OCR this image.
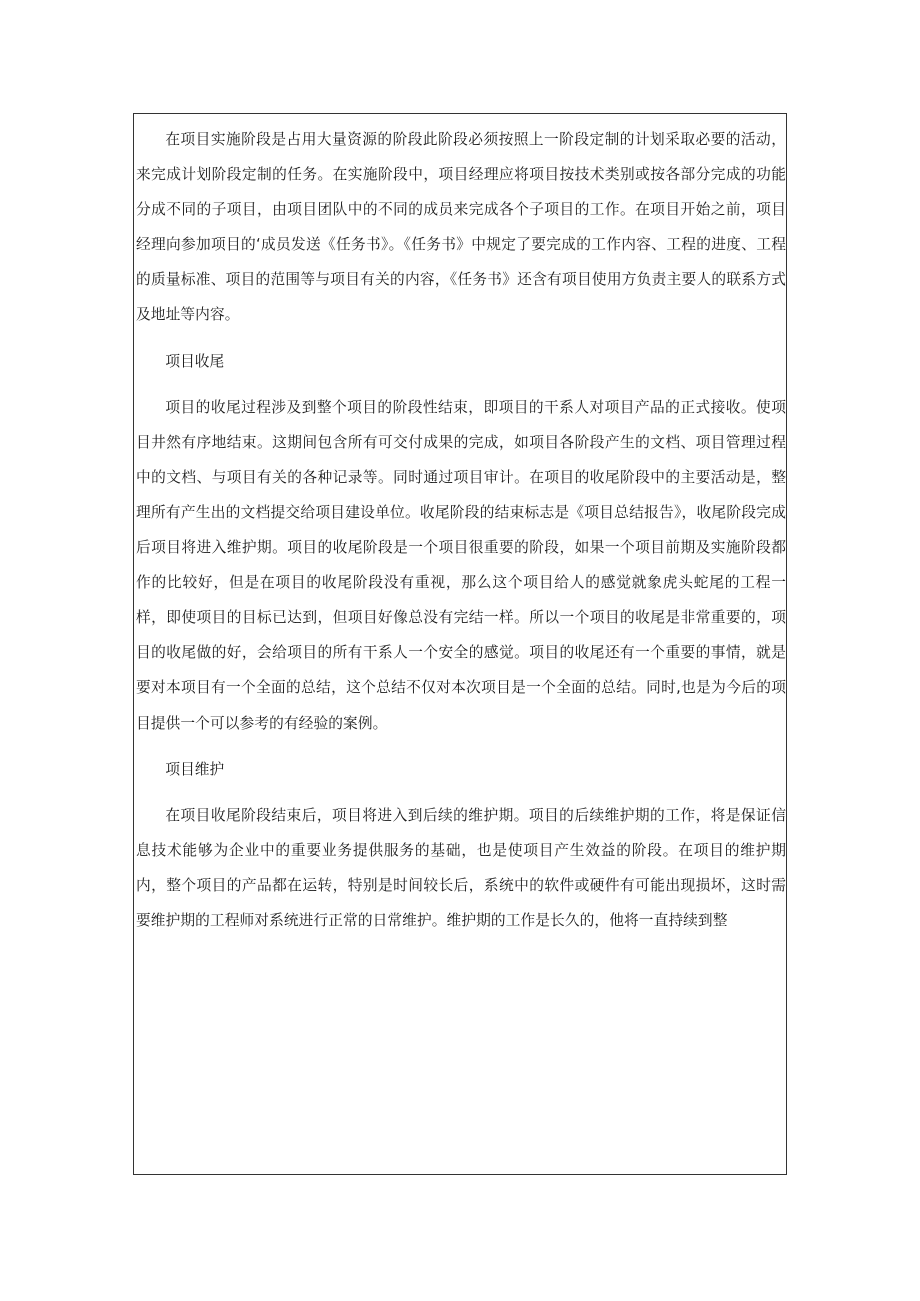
在项目实施阶段是占用大量资源的阶段此阶段必须按照上一阶段定制的计划采取必要的活动，来完成计划阶段定制的任务。在实施阶段中，项目经理应将项目按技术类别或按各部分完成的功能分成不同的子项目，由项目团队中的不同的成员来完成各个子项目的工作。在项目开始之前，项目经理向参加项目的‘成员发送《任务书》。《任务书》中规定了要完成的工作内容、工程的进度、工程的质量标准、项目的范围等与项目有关的内容，《任务书》还含有项目使用方负责主要人的联系方式及地址等内容。

项目收尾

项目的收尾过程涉及到整个项目的阶段性结束，即项目的干系人对项目产品的正式接收。使项目井然有序地结束。这期间包含所有可交付成果的完成，如项目各阶段产生的文档、项目管理过程中的文档、与项目有关的各种记录等。同时通过项目审计。在项目的收尾阶段中的主要活动是，整理所有产生出的文档提交给项目建设单位。收尾阶段的结束标志是《项目总结报告》，收尾阶段完成后项目将进入维护期。项目的收尾阶段是一个项目很重要的阶段，如果一个项目前期及实施阶段都作的比较好，但是在项目的收尾阶段没有重视，那么这个项目给人的感觉就象虎头蛇尾的工程一样，即使项目的目标已达到，但项目好像总没有完结一样。所以一个项目的收尾是非常重要的，项目的收尾做的好，会给项目的所有干系人一个安全的感觉。项目的收尾还有一个重要的事情，就是要对本项目有一个全面的总结，这个总结不仅对本次项目是一个全面的总结。同时,也是为今后的项目提供一个可以参考的有经验的案例。

项目维护

在项目收尾阶段结束后，项目将进入到后续的维护期。项目的后续维护期的工作，将是保证信息技术能够为企业中的重要业务提供服务的基础，也是使项目产生效益的阶段。在项目的维护期内，整个项目的产品都在运转，特别是时间较长后，系统中的软件或硬件有可能出现损坏，这时需要维护期的工程师对系统进行正常的日常维护。维护期的工作是长久的，他将一直持续到整
